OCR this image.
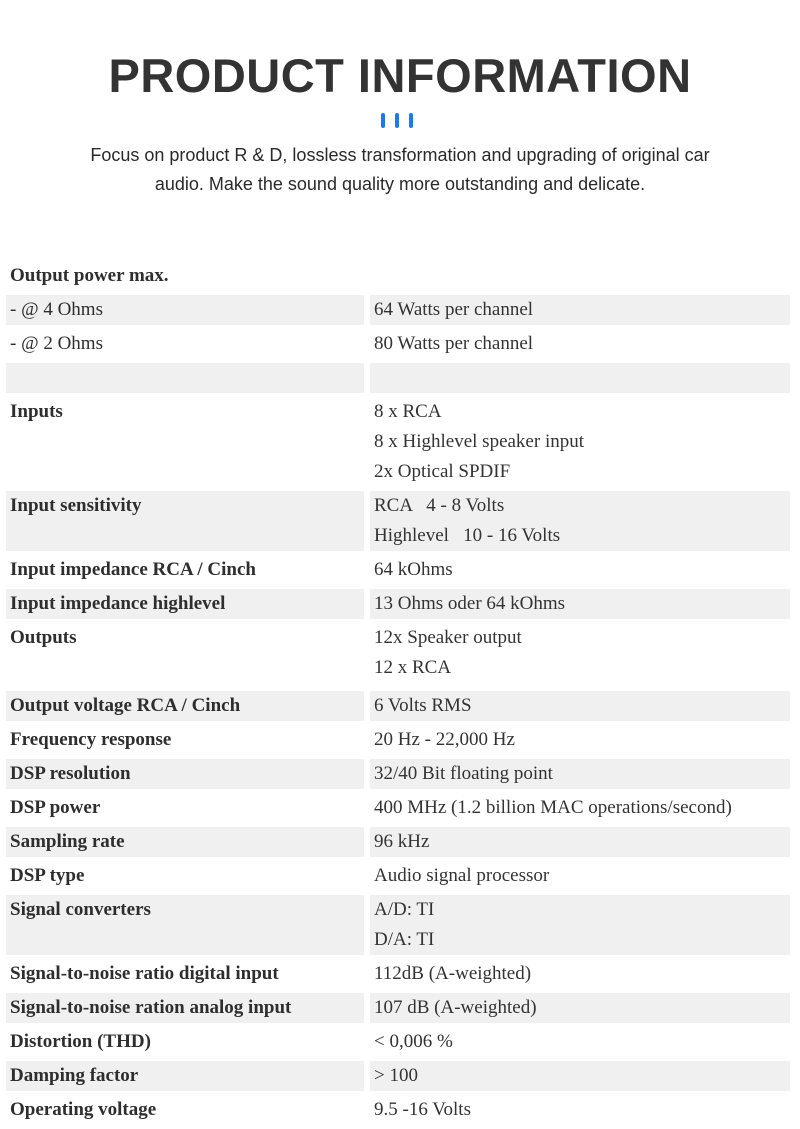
PRODUCT INFORMATION
Focus on product R & D, lossless transformation and upgrading of original car
audio. Make the sound quality more outstanding and delicate.
Output power max.
- @ 4 Ohms	64 Watts per channel
- @ 2 Ohms	80 Watts per channel
Inputs	8 x RCA
8 x Highlevel speaker input
2x Optical SPDIF
Input sensitivity	RCA   4 - 8 Volts
Highlevel   10 - 16 Volts
Input impedance RCA / Cinch	64 kOhms
Input impedance highlevel	13 Ohms oder 64 kOhms
Outputs	12x Speaker output
12 x RCA
Output voltage RCA / Cinch	6 Volts RMS
Frequency response	20 Hz - 22,000 Hz
DSP resolution	32/40 Bit floating point
DSP power	400 MHz (1.2 billion MAC operations/second)
Sampling rate	96 kHz
DSP type	Audio signal processor
Signal converters	A/D: TI
D/A: TI
Signal-to-noise ratio digital input	112dB (A-weighted)
Signal-to-noise ration analog input	107 dB (A-weighted)
Distortion (THD)	< 0,006 %
Damping factor	> 100
Operating voltage	9.5 -16 Volts
